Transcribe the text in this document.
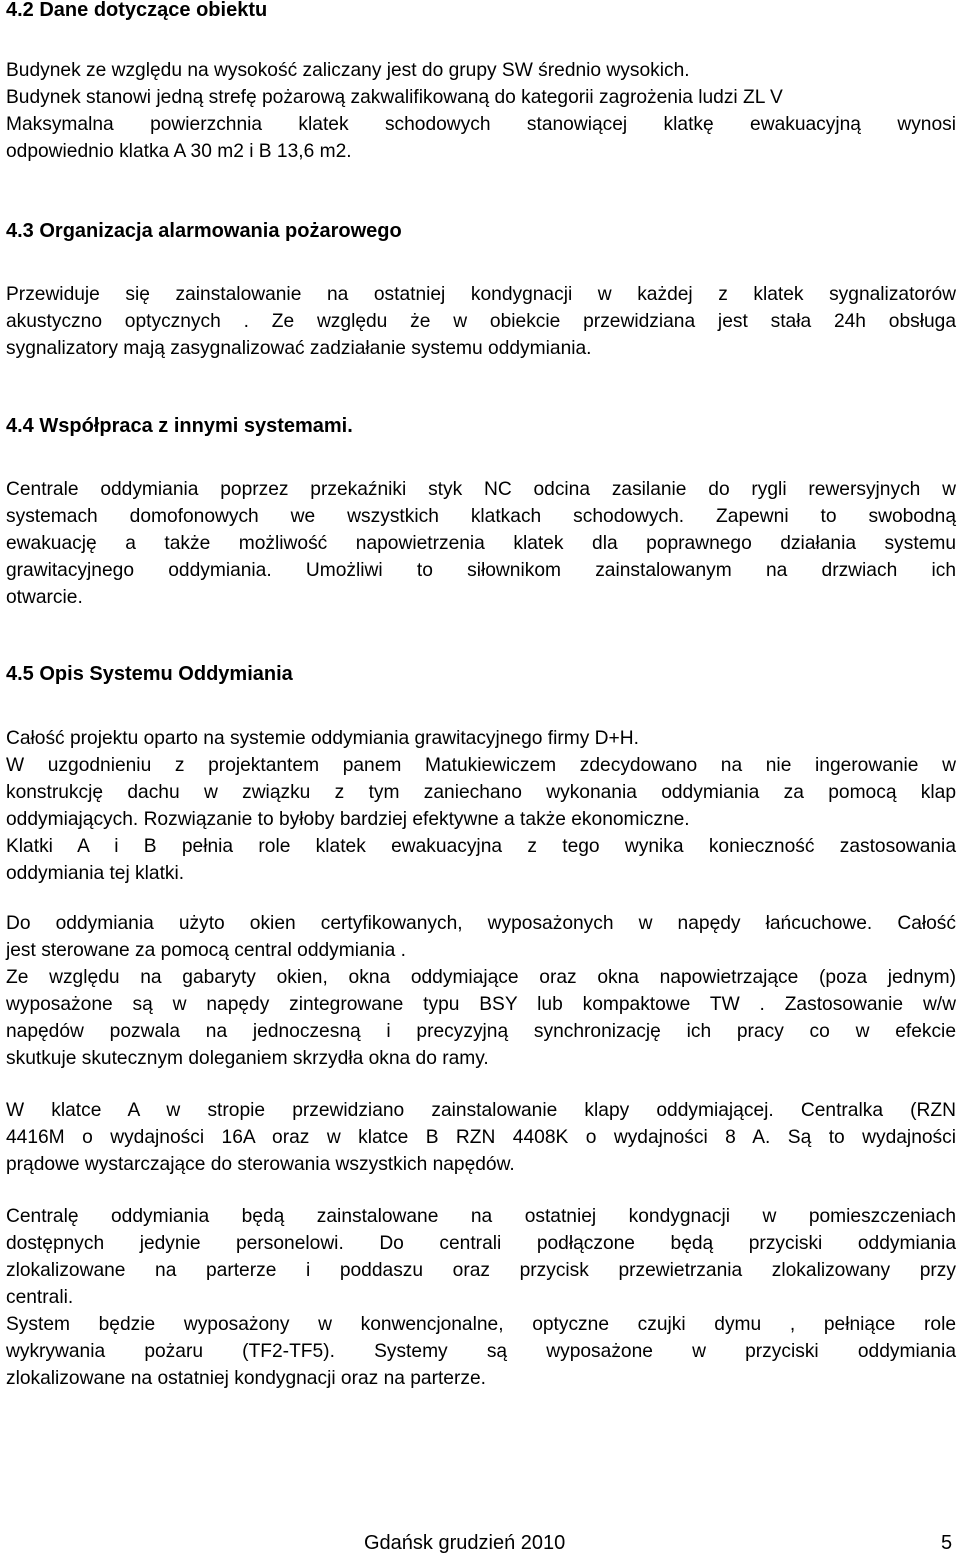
4.2 Dane dotyczące obiektu
Budynek ze względu na wysokość zaliczany jest do grupy SW średnio wysokich.
Budynek stanowi jedną strefę pożarową zakwalifikowaną do kategorii zagrożenia ludzi ZL V
Maksymalna powierzchnia klatek schodowych stanowiącej klatkę ewakuacyjną wynosi
odpowiednio klatka A 30 m2 i B 13,6 m2.
4.3 Organizacja alarmowania pożarowego
Przewiduje się zainstalowanie na ostatniej kondygnacji w każdej z klatek sygnalizatorów
akustyczno optycznych . Ze względu że w obiekcie przewidziana jest stała 24h obsługa
sygnalizatory mają zasygnalizować zadziałanie systemu oddymiania.
4.4 Współpraca z innymi systemami.
Centrale oddymiania poprzez przekaźniki styk NC odcina zasilanie do rygli rewersyjnych w
systemach domofonowych we wszystkich klatkach schodowych. Zapewni to swobodną
ewakuację a także możliwość napowietrzenia klatek dla poprawnego działania systemu
grawitacyjnego oddymiania. Umożliwi to siłownikom zainstalowanym na drzwiach ich
otwarcie.
4.5 Opis Systemu Oddymiania
Całość projektu oparto na systemie oddymiania grawitacyjnego firmy D+H.
W uzgodnieniu z projektantem panem Matukiewiczem zdecydowano na nie ingerowanie w
konstrukcję dachu w związku z tym zaniechano wykonania oddymiania za pomocą klap
oddymiających. Rozwiązanie to byłoby bardziej efektywne a także ekonomiczne.
Klatki A i B pełnia role klatek ewakuacyjna z tego wynika konieczność zastosowania
oddymiania tej klatki.
Do oddymiania użyto okien certyfikowanych, wyposażonych w napędy łańcuchowe. Całość
jest sterowane za pomocą central oddymiania .
Ze względu na gabaryty okien, okna oddymiające oraz okna napowietrzające (poza jednym)
wyposażone są w napędy zintegrowane typu BSY lub kompaktowe TW . Zastosowanie w/w
napędów pozwala na jednoczesną i precyzyjną synchronizację ich pracy co w efekcie
skutkuje skutecznym doleganiem skrzydła okna do ramy.
W klatce A w stropie przewidziano zainstalowanie klapy oddymiającej. Centralka (RZN
4416M o wydajności 16A oraz w klatce B RZN 4408K o wydajności 8 A. Są to wydajności
prądowe wystarczające do sterowania wszystkich napędów.
Centralę oddymiania będą zainstalowane na ostatniej kondygnacji w pomieszczeniach
dostępnych jedynie personelowi. Do centrali podłączone będą przyciski oddymiania
zlokalizowane na parterze i poddaszu oraz przycisk przewietrzania zlokalizowany przy
centrali.
System będzie wyposażony w konwencjonalne, optyczne czujki dymu , pełniące role
wykrywania pożaru (TF2-TF5). Systemy są wyposażone w przyciski oddymiania
zlokalizowane na ostatniej kondygnacji oraz na parterze.
Gdańsk grudzień 2010	5
